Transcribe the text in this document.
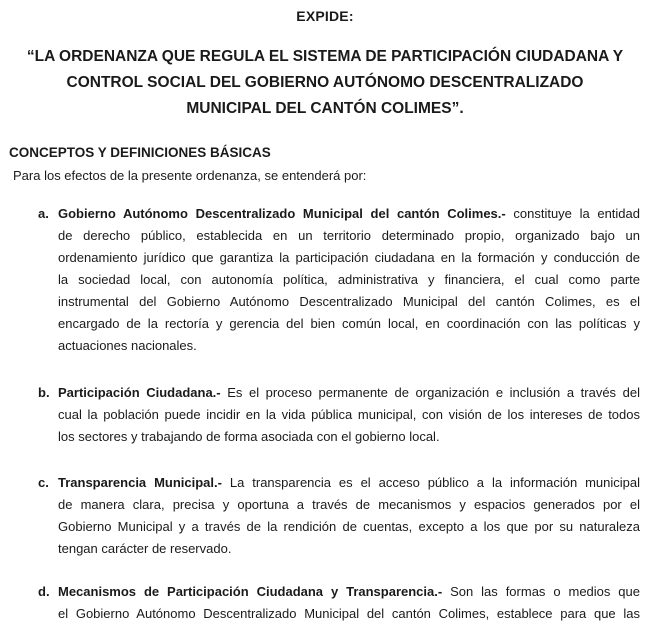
EXPIDE:
“LA ORDENANZA QUE REGULA EL SISTEMA DE PARTICIPACIÓN CIUDADANA Y
CONTROL SOCIAL DEL GOBIERNO AUTÓNOMO DESCENTRALIZADO
MUNICIPAL DEL CANTÓN COLIMES”.
CONCEPTOS Y DEFINICIONES BÁSICAS
Para los efectos de la presente ordenanza, se entenderá por:
a. Gobierno Autónomo Descentralizado Municipal del cantón Colimes.- constituye la entidad
de derecho público, establecida en un territorio determinado propio, organizado bajo un
ordenamiento jurídico que garantiza la participación ciudadana en la formación y conducción de
la sociedad local, con autonomía política, administrativa y financiera, el cual como parte
instrumental del Gobierno Autónomo Descentralizado Municipal del cantón Colimes, es el
encargado de la rectoría y gerencia del bien común local, en coordinación con las políticas y
actuaciones nacionales.
b. Participación Ciudadana.- Es el proceso permanente de organización e inclusión a través del
cual la población puede incidir en la vida pública municipal, con visión de los intereses de todos
los sectores y trabajando de forma asociada con el gobierno local.
c. Transparencia Municipal.- La transparencia es el acceso público a la información municipal
de manera clara, precisa y oportuna a través de mecanismos y espacios generados por el
Gobierno Municipal y a través de la rendición de cuentas, excepto a los que por su naturaleza
tengan carácter de reservado.
d. Mecanismos de Participación Ciudadana y Transparencia.- Son las formas o medios que
el Gobierno Autónomo Descentralizado Municipal del cantón Colimes, establece para que las
